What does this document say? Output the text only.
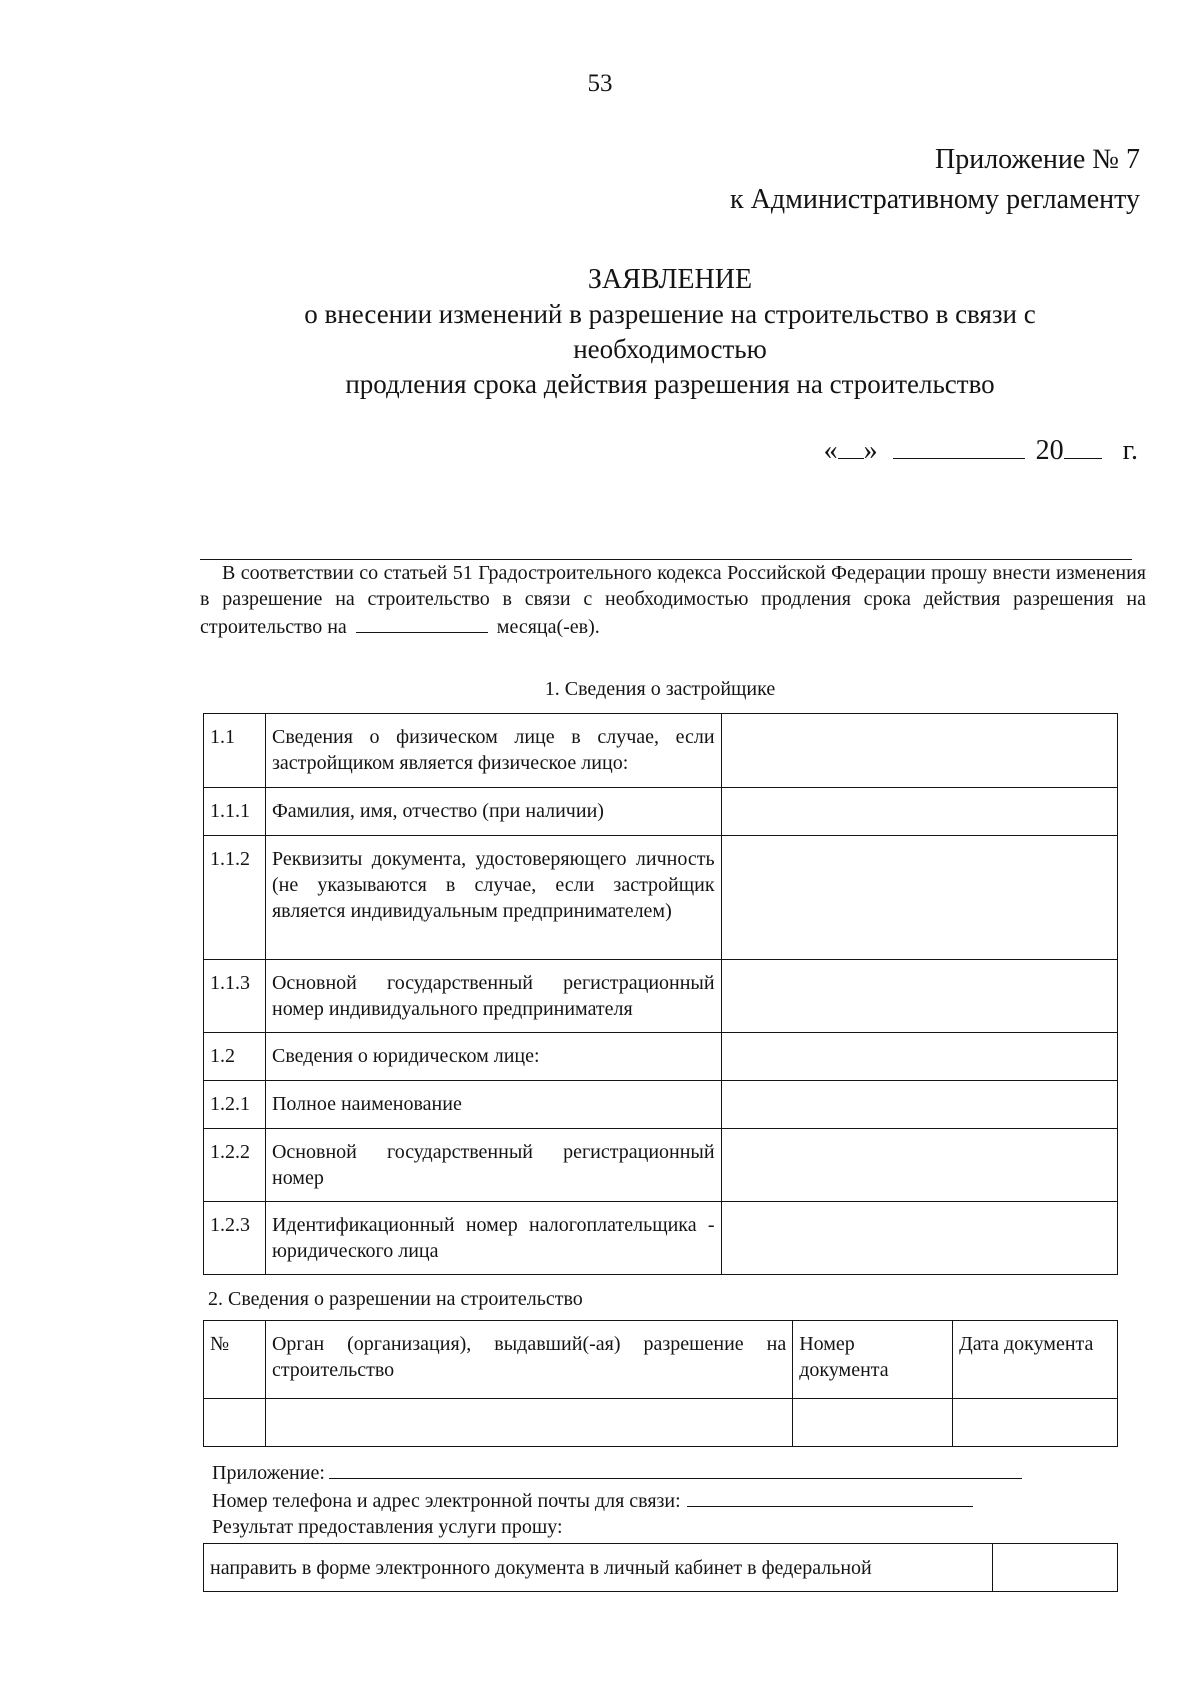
53
Приложение № 7
к Административному регламенту
ЗАЯВЛЕНИЕ
о внесении изменений в разрешение на строительство в связи с
необходимостью
продления срока действия разрешения на строительство
« »	20 г.
В соответствии со статьей 51 Градостроительного кодекса Российской Федерации прошу внести изменения в разрешение на строительство в связи с необходимостью продления срока действия разрешения на строительство на	месяца(-ев).
1. Сведения о застройщике
1.1	Сведения о физическом лице в случае, если застройщиком является физическое лицо:	
1.1.1	Фамилия, имя, отчество (при наличии)	
1.1.2	Реквизиты документа, удостоверяющего личность (не указываются в случае, если застройщик является индивидуальным предпринимателем)	
1.1.3	Основной государственный регистрационный номер индивидуального предпринимателя	
1.2	Сведения о юридическом лице:	
1.2.1	Полное наименование	
1.2.2	Основной государственный регистрационный номер	
1.2.3	Идентификационный номер налогоплательщика - юридического лица	
2. Сведения о разрешении на строительство
№	Орган (организация), выдавший(-ая) разрешение на строительство	Номер документа	Дата документа

Приложение:
Номер телефона и адрес электронной почты для связи:
Результат предоставления услуги прошу:
направить в форме электронного документа в личный кабинет в федеральной	
